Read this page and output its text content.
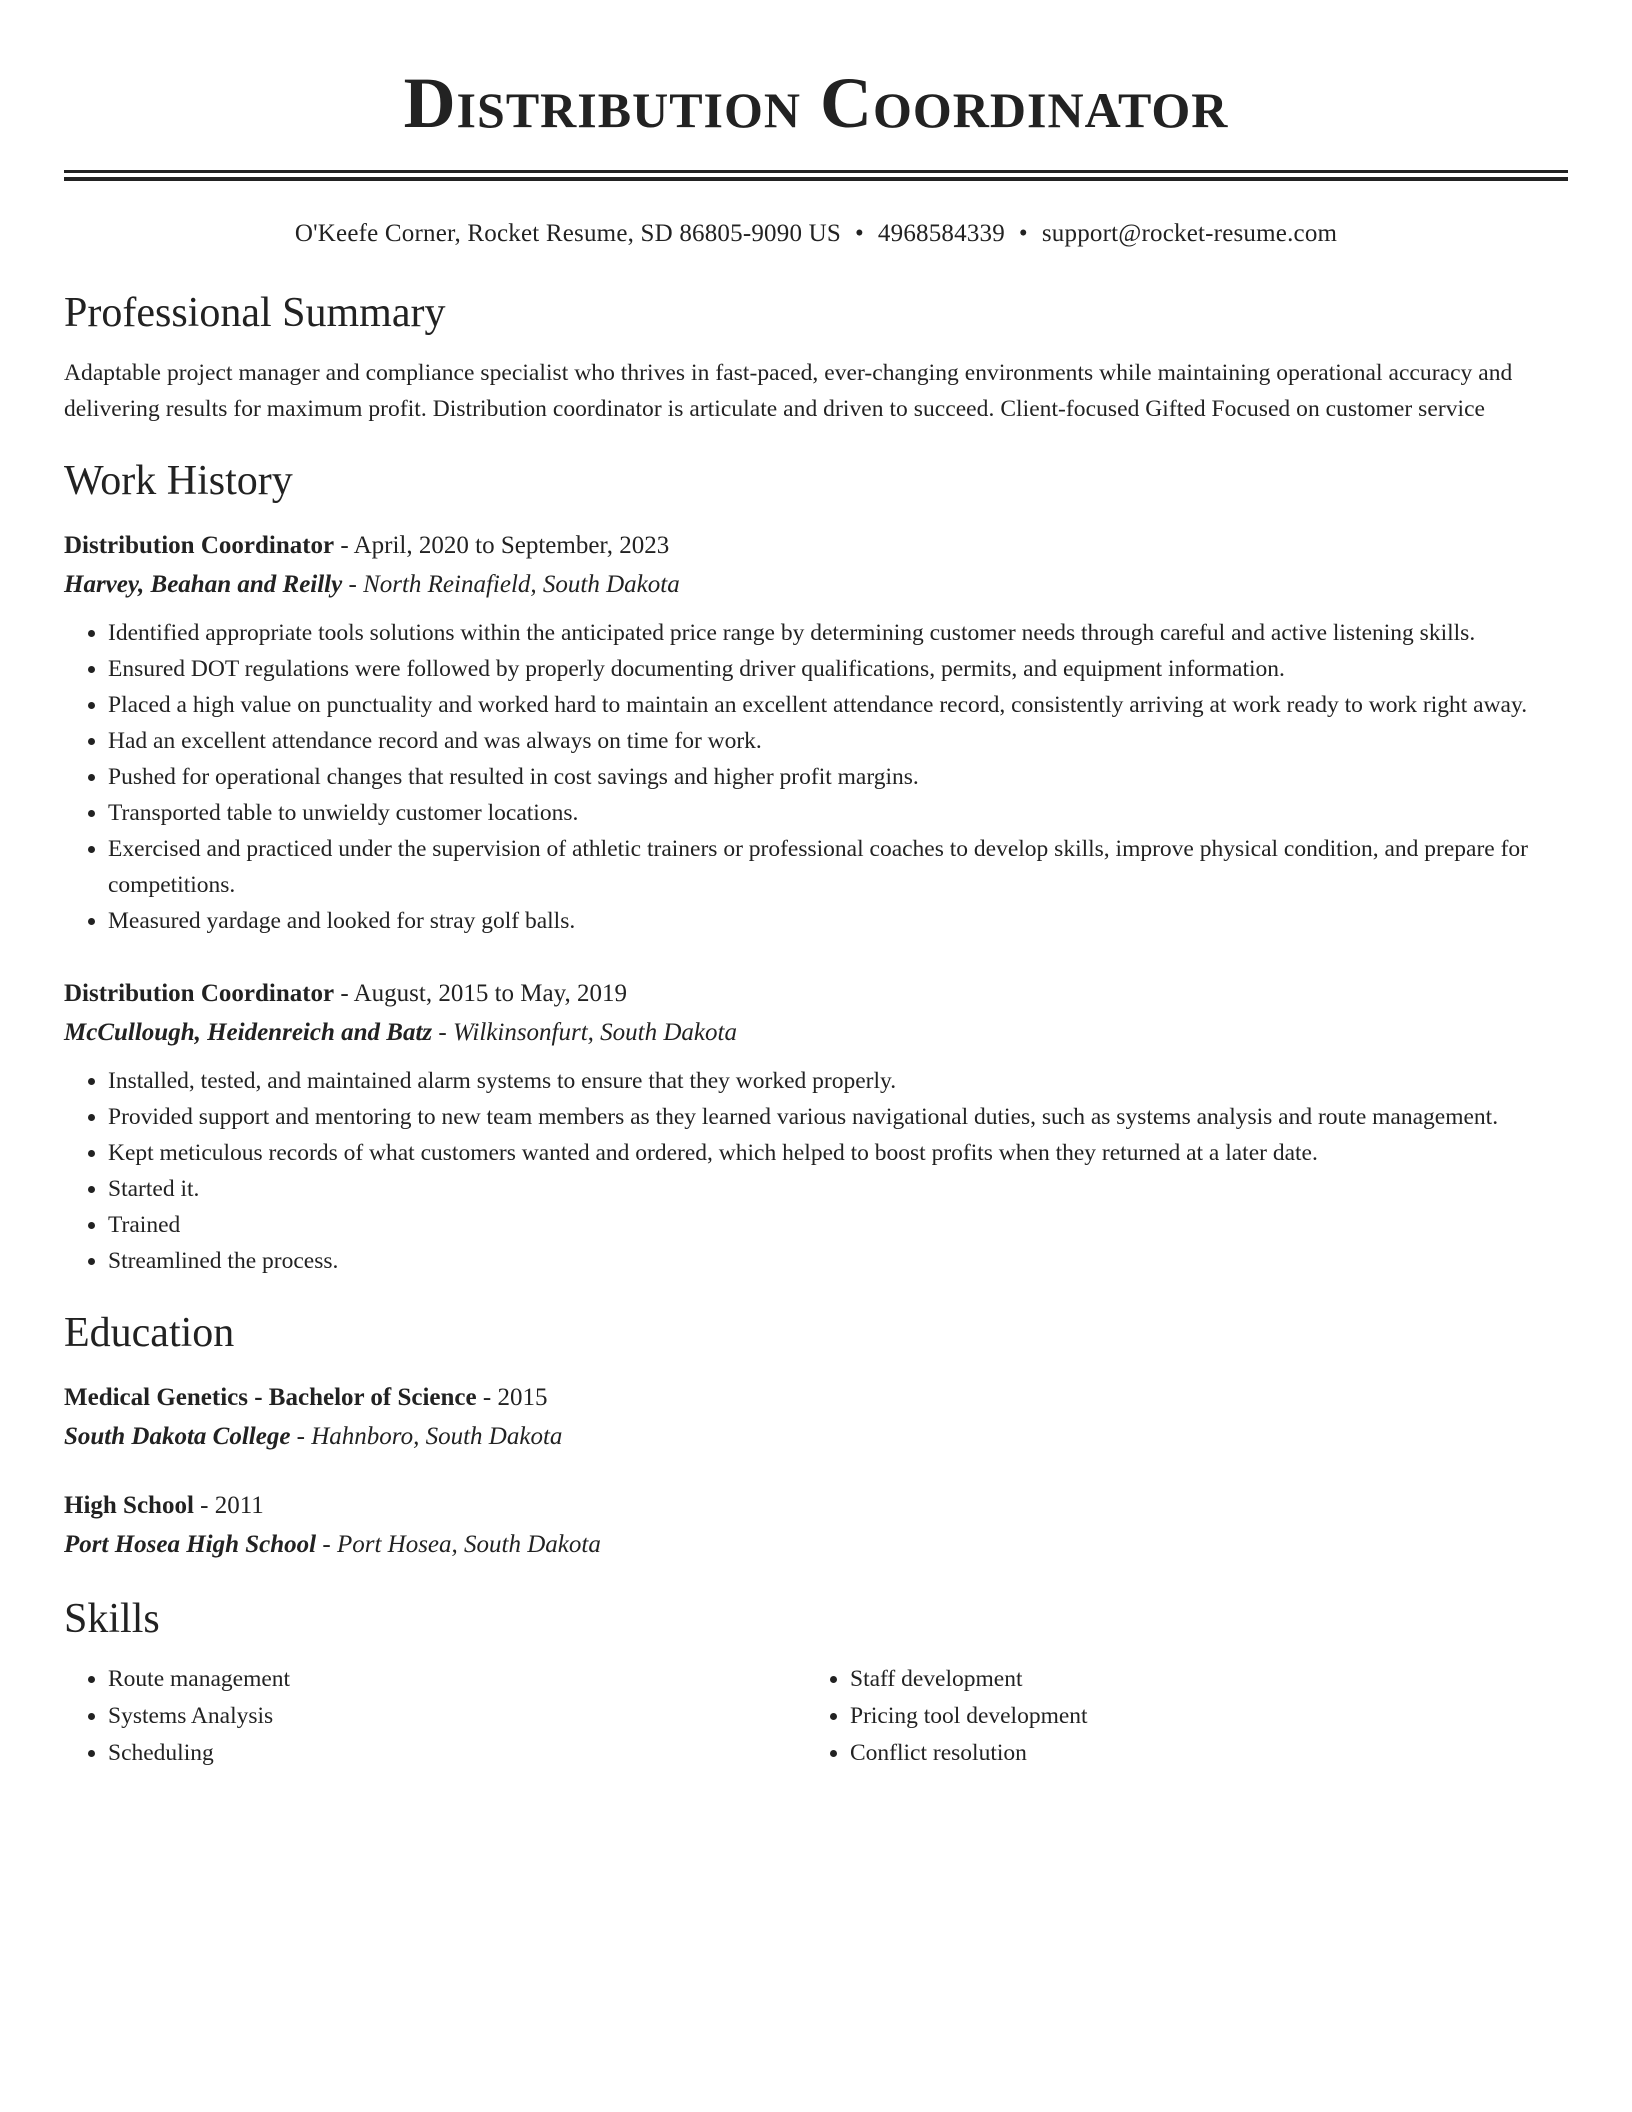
Distribution Coordinator
O'Keefe Corner, Rocket Resume, SD 86805-9090 US • 4968584339 • support@rocket-resume.com
Professional Summary
Adaptable project manager and compliance specialist who thrives in fast-paced, ever-changing environments while maintaining operational accuracy and delivering results for maximum profit. Distribution coordinator is articulate and driven to succeed. Client-focused Gifted Focused on customer service
Work History
Distribution Coordinator - April, 2020 to September, 2023
Harvey, Beahan and Reilly - North Reinafield, South Dakota
• Identified appropriate tools solutions within the anticipated price range by determining customer needs through careful and active listening skills.
• Ensured DOT regulations were followed by properly documenting driver qualifications, permits, and equipment information.
• Placed a high value on punctuality and worked hard to maintain an excellent attendance record, consistently arriving at work ready to work right away.
• Had an excellent attendance record and was always on time for work.
• Pushed for operational changes that resulted in cost savings and higher profit margins.
• Transported table to unwieldy customer locations.
• Exercised and practiced under the supervision of athletic trainers or professional coaches to develop skills, improve physical condition, and prepare for competitions.
• Measured yardage and looked for stray golf balls.
Distribution Coordinator - August, 2015 to May, 2019
McCullough, Heidenreich and Batz - Wilkinsonfurt, South Dakota
• Installed, tested, and maintained alarm systems to ensure that they worked properly.
• Provided support and mentoring to new team members as they learned various navigational duties, such as systems analysis and route management.
• Kept meticulous records of what customers wanted and ordered, which helped to boost profits when they returned at a later date.
• Started it.
• Trained
• Streamlined the process.
Education
Medical Genetics - Bachelor of Science - 2015
South Dakota College - Hahnboro, South Dakota
High School - 2011
Port Hosea High School - Port Hosea, South Dakota
Skills
• Route management
• Systems Analysis
• Scheduling
• Staff development
• Pricing tool development
• Conflict resolution
